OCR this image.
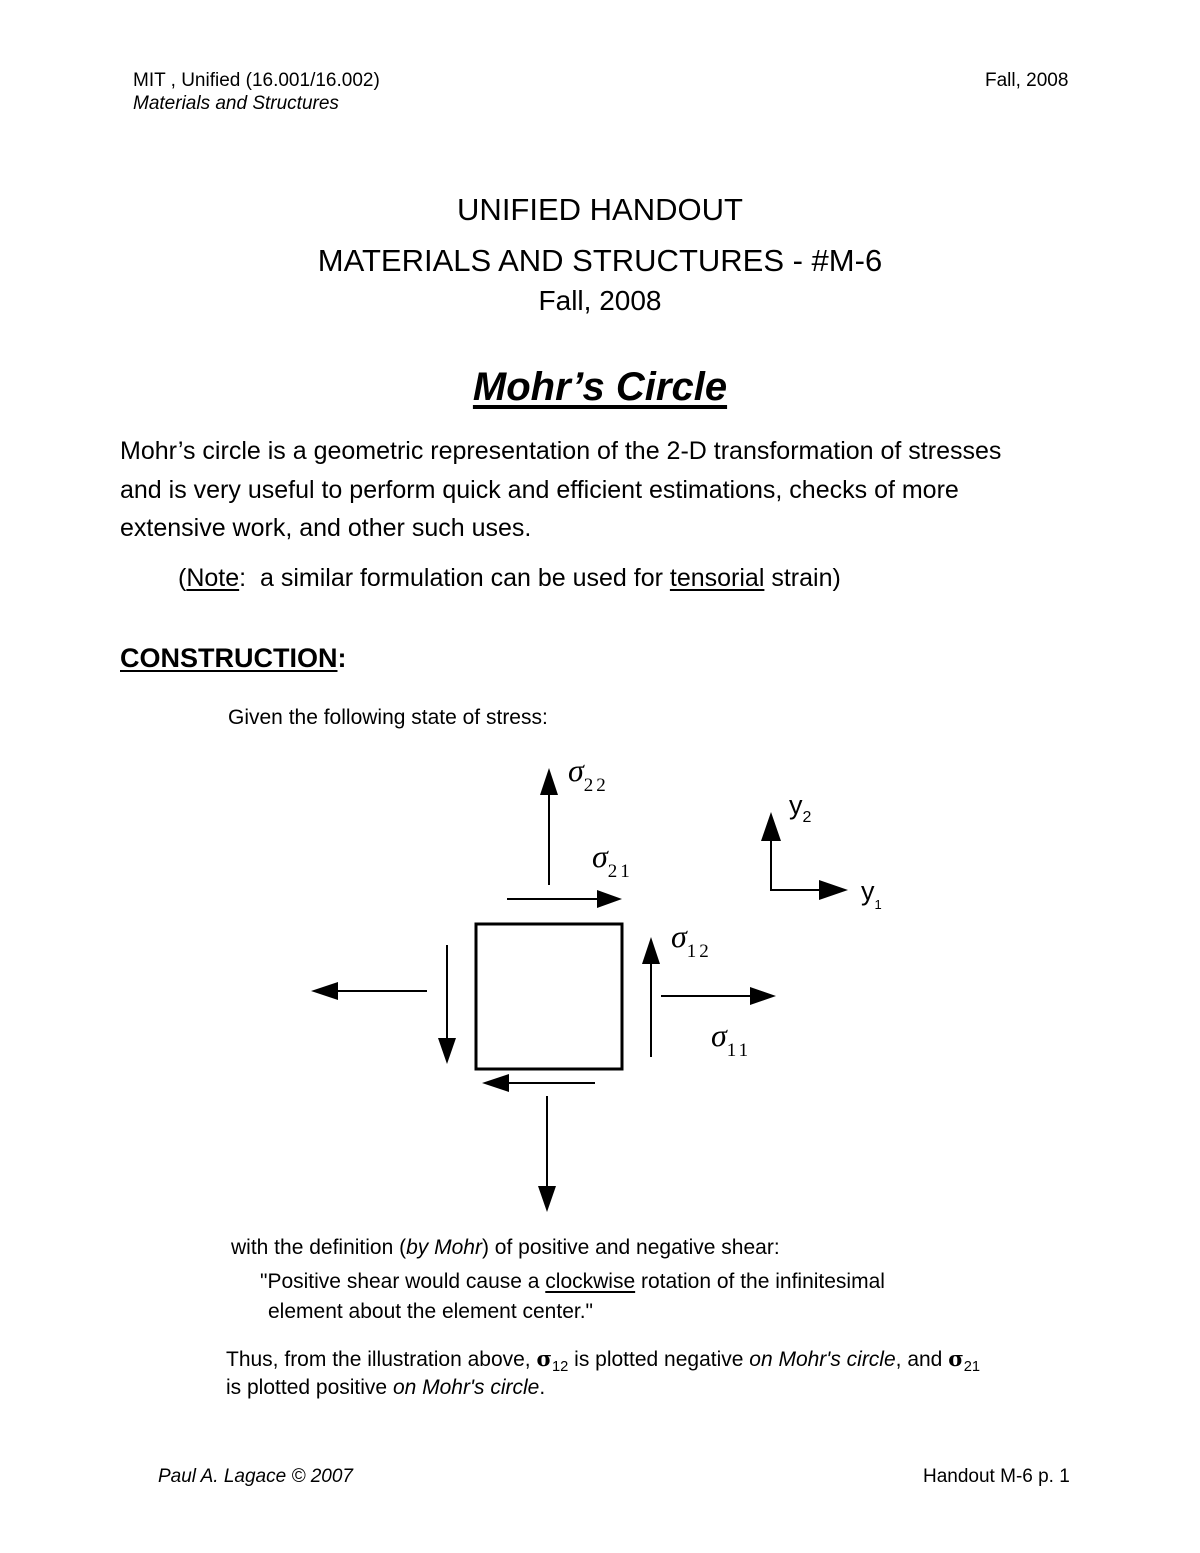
MIT , Unified (16.001/16.002)
Materials and Structures
Fall, 2008
UNIFIED HANDOUT
MATERIALS AND STRUCTURES - #M-6
Fall, 2008
Mohr’s Circle
Mohr’s circle is a geometric representation of the 2-D transformation of stresses
and is very useful to perform quick and efficient estimations, checks of more
extensive work, and other such uses.
(Note:  a similar formulation can be used for tensorial strain)
CONSTRUCTION:
Given the following state of stress:
$\sigma_{22}$
$\sigma_{21}$
$\sigma_{12}$
$\sigma_{11}$
$y_2$
$y_1$
with the definition (by Mohr) of positive and negative shear:
"Positive shear would cause a clockwise rotation of the infinitesimal
element about the element center."
Thus, from the illustration above, $\sigma_{12}$ is plotted negative on Mohr's circle, and $\sigma_{21}$
is plotted positive on Mohr's circle.
Paul A. Lagace © 2007	Handout M-6 p. 1
